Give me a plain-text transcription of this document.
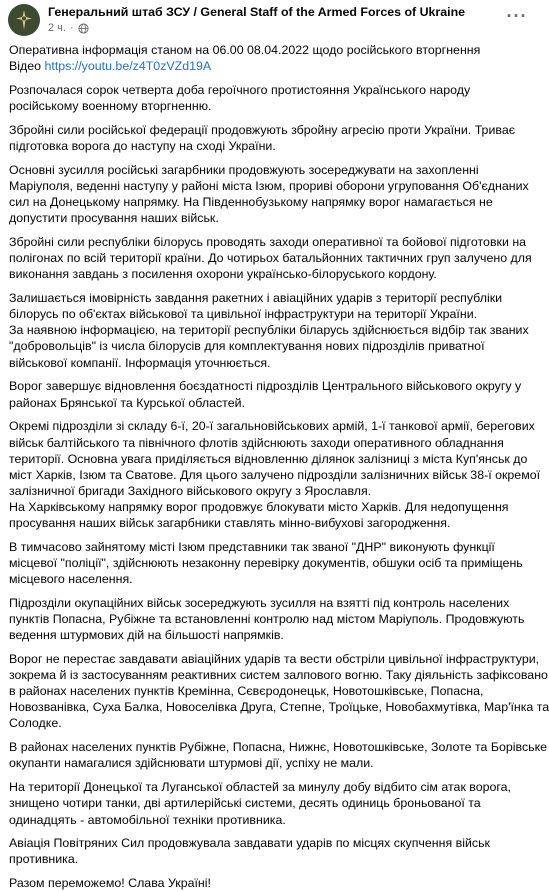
Генеральний штаб ЗСУ / General Staff of the Armed Forces of Ukraine
2 ч. ·
···
Оперативна інформація станом на 06.00 08.04.2022 щодо російського вторгнення
Відео https://youtu.be/z4T0zVZd19A
Розпочалася сорок четверта доба героїчного протистояння Українського народу
російському военному вторгненню.
Збройні сили російської федерації продовжують збройну агресію проти України. Триває
підготовка ворога до наступу на сході України.
Основні зусилля російські загарбники продовжують зосереджувати на захопленні
Маріуполя, веденні наступу у районі міста Ізюм, прориві оборони угруповання Об'єднаних
сил на Донецькому напрямку. На Південнобузькому напрямку ворог намагається не
допустити просування наших військ.
Збройні сили республіки білорусь проводять заходи оперативної та бойової підготовки на
полігонах по всій території країни. До чотирьох батальйонних тактичних груп залучено для
виконання завдань з посилення охорони українсько-білоруського кордону.
Залишається імовірність завдання ракетних і авіаційних ударів з території республіки
білорусь по об'єктах військової та цивільної інфраструктури на території України.
За наявною інформацією, на території республіки біларусь здійснюється відбір так званих
"добровольців" із числа білорусів для комплектування нових підрозділів приватної
військової компанії. Інформація уточнюється.
Ворог завершує відновлення боєздатності підрозділів Центрального військового округу у
районах Брянської та Курської областей.
Окремі підрозділи зі складу 6-ї, 20-ї загальновійськових армій, 1-ї танкової армії, берегових
військ балтійського та північного флотів здійснюють заходи оперативного обладнання
території. Основна увага приділяється відновленню ділянок залізниці з міста Куп'янськ до
міст Харків, Ізюм та Сватове. Для цього залучено підрозділи залізничних військ 38-ї окремої
залізничної бригади Західного військового округу з Ярославля.
На Харківському напрямку ворог продовжує блокувати місто Харків. Для недопущення
просування наших військ загарбники ставлять мінно-вибухові загородження.
В тимчасово зайнятому місті Ізюм представники так званої "ДНР" виконують функції
місцевої "поліції", здійснюють незаконну перевірку документів, обшуки осіб та приміщень
місцевого населення.
Підрозділи окупаційних військ зосереджують зусилля на взятті під контроль населених
пунктів Попасна, Рубіжне та встановленні контролю над містом Маріуполь. Продовжують
ведення штурмових дій на більшості напрямків.
Ворог не перестає завдавати авіаційних ударів та вести обстріли цивільної інфраструктури,
зокрема й із застосуванням реактивних систем залпового вогню. Таку діяльність зафіксовано
в районах населених пунктів Кремінна, Сєвєродонецьк, Новотошківське, Попасна,
Новозванівка, Суха Балка, Новоселівка Друга, Степне, Троїцьке, Новобахмутівка, Мар'їнка та
Солодке.
В районах населених пунктів Рубіжне, Попасна, Нижнє, Новотошківське, Золоте та Борівське
окупанти намагалися здійснювати штурмові дії, успіху не мали.
На території Донецької та Луганської областей за минулу добу відбито сім атак ворога,
знищено чотири танки, дві артилерійські системи, десять одиниць броньованої та
одинадцять - автомобільної техніки противника.
Авіація Повітряних Сил продовжувала завдавати ударів по місцях скупчення військ
противника.
Разом переможемо! Слава Україні!
